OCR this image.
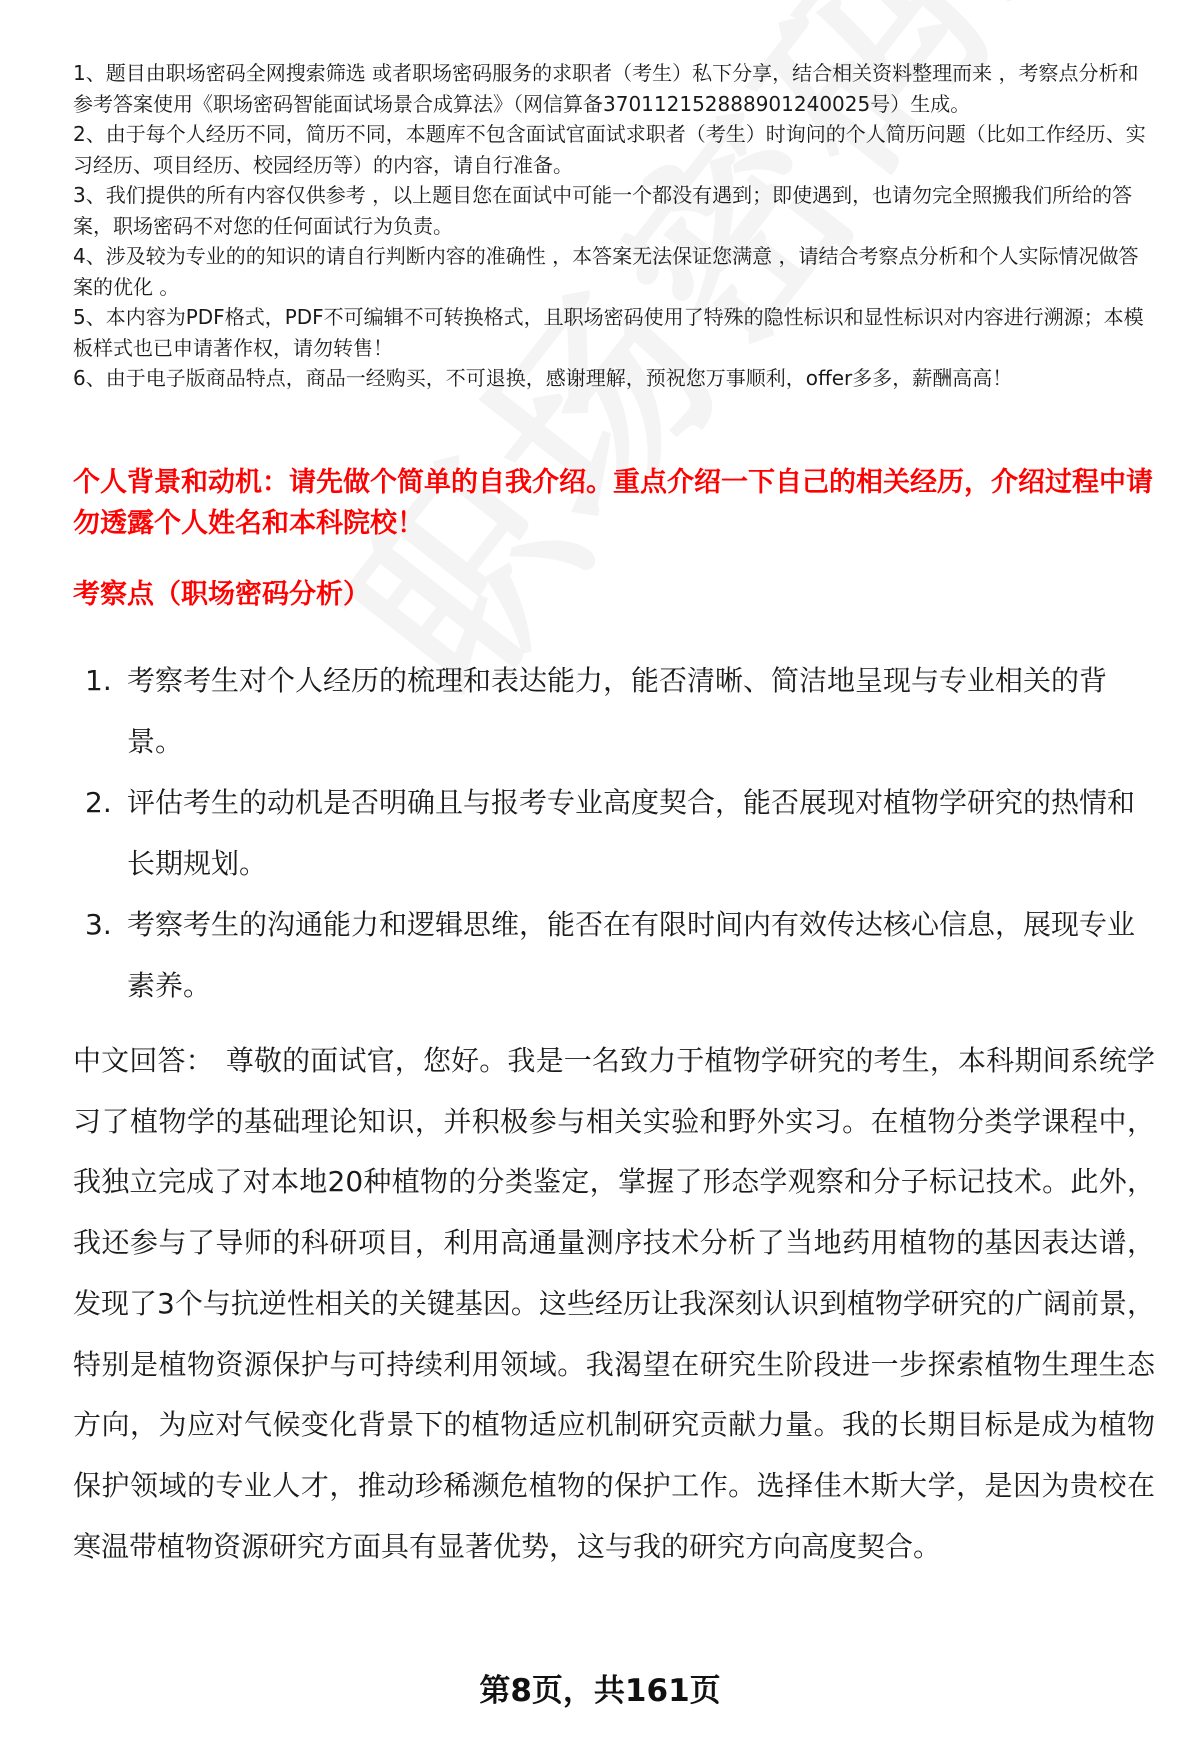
1、题目由职场密码全网搜索筛选 或者职场密码服务的求职者（考生）私下分享，结合相关资料整理而来 ，考察点分析和参考答案使用《职场密码智能面试场景合成算法》（网信算备370112152888901240025号）生成。

2、由于每个人经历不同，简历不同，本题库不包含面试官面试求职者（考生）时询问的个人简历问题（比如工作经历、实习经历、项目经历、校园经历等）的内容，请自行准备。

3、我们提供的所有内容仅供参考 ，以上题目您在面试中可能一个都没有遇到；即使遇到，也请勿完全照搬我们所给的答案，职场密码不对您的任何面试行为负责。

4、涉及较为专业的的知识的请自行判断内容的准确性 ，本答案无法保证您满意 ，请结合考察点分析和个人实际情况做答案的优化 。

5、本内容为PDF格式，PDF不可编辑不可转换格式，且职场密码使用了特殊的隐性标识和显性标识对内容进行溯源；本模板样式也已申请著作权，请勿转售！

6、由于电子版商品特点，商品一经购买，不可退换，感谢理解，预祝您万事顺利，offer多多，薪酬高高！

个人背景和动机：请先做个简单的自我介绍。重点介绍一下自己的相关经历，介绍过程中请勿透露个人姓名和本科院校！

考察点（职场密码分析）

1. 考察考生对个人经历的梳理和表达能力，能否清晰、简洁地呈现与专业相关的背景。
2. 评估考生的动机是否明确且与报考专业高度契合，能否展现对植物学研究的热情和长期规划。
3. 考察考生的沟通能力和逻辑思维，能否在有限时间内有效传达核心信息，展现专业素养。

中文回答： 尊敬的面试官，您好。我是一名致力于植物学研究的考生，本科期间系统学习了植物学的基础理论知识，并积极参与相关实验和野外实习。在植物分类学课程中，我独立完成了对本地20种植物的分类鉴定，掌握了形态学观察和分子标记技术。此外，我还参与了导师的科研项目，利用高通量测序技术分析了当地药用植物的基因表达谱，发现了3个与抗逆性相关的关键基因。这些经历让我深刻认识到植物学研究的广阔前景，特别是植物资源保护与可持续利用领域。我渴望在研究生阶段进一步探索植物生理生态方向，为应对气候变化背景下的植物适应机制研究贡献力量。我的长期目标是成为植物保护领域的专业人才，推动珍稀濒危植物的保护工作。选择佳木斯大学，是因为贵校在寒温带植物资源研究方面具有显著优势，这与我的研究方向高度契合。

第8页，共161页
